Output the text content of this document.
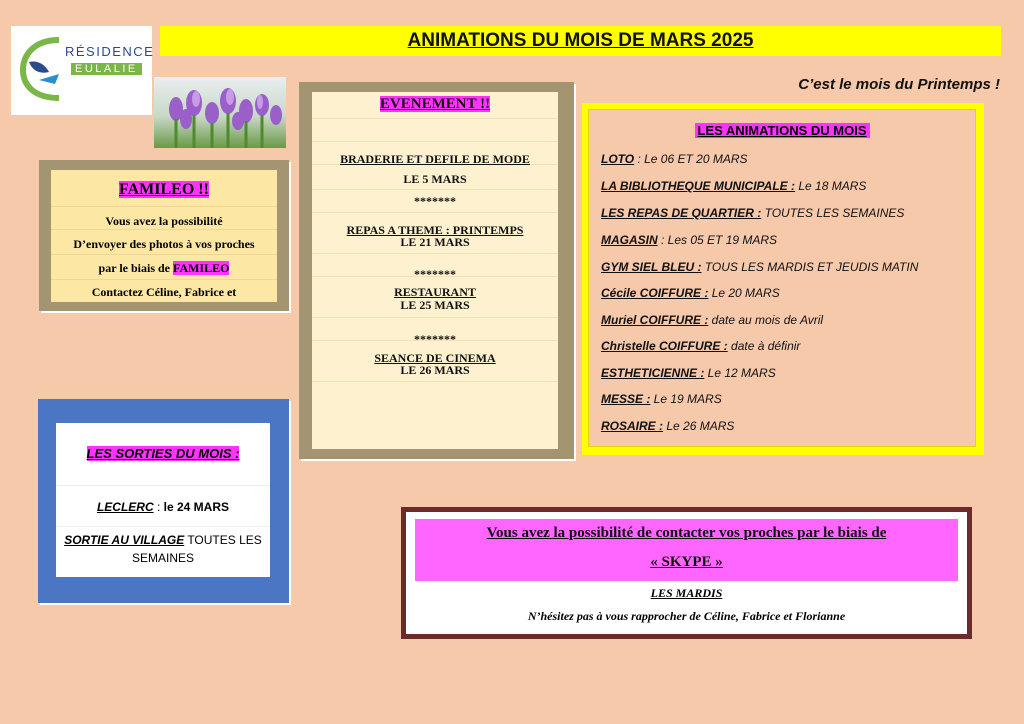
RÉSIDENCE
EULALIE
ANIMATIONS DU MOIS DE MARS 2025
C’est le mois du Printemps !
FAMILEO !!
Vous avez la possibilité
D’envoyer des photos à vos proches
par le biais de FAMILEO
Contactez Céline, Fabrice et
EVENEMENT !!
BRADERIE ET DEFILE DE MODE
LE 5 MARS
*******
REPAS A THEME : PRINTEMPS
LE 21 MARS
*******
RESTAURANT
LE 25 MARS
*******
SEANCE DE CINEMA
LE 26 MARS
LES ANIMATIONS DU MOIS
LOTO : Le 06 ET 20 MARS
LA BIBLIOTHEQUE MUNICIPALE : Le 18 MARS
LES REPAS DE QUARTIER : TOUTES LES SEMAINES
MAGASIN : Les 05 ET 19 MARS
GYM SIEL BLEU : TOUS LES MARDIS ET JEUDIS MATIN
Cécile COIFFURE : Le 20 MARS
Muriel COIFFURE : date au mois de Avril
Christelle COIFFURE : date à définir
ESTHETICIENNE : Le 12 MARS
MESSE : Le 19 MARS
ROSAIRE : Le 26 MARS
LES SORTIES DU MOIS :
LECLERC : le 24 MARS
SORTIE AU VILLAGE TOUTES LES
SEMAINES
Vous avez la possibilité de contacter vos proches par le biais de
« SKYPE »
LES MARDIS
N’hésitez pas à vous rapprocher de Céline, Fabrice et Florianne
